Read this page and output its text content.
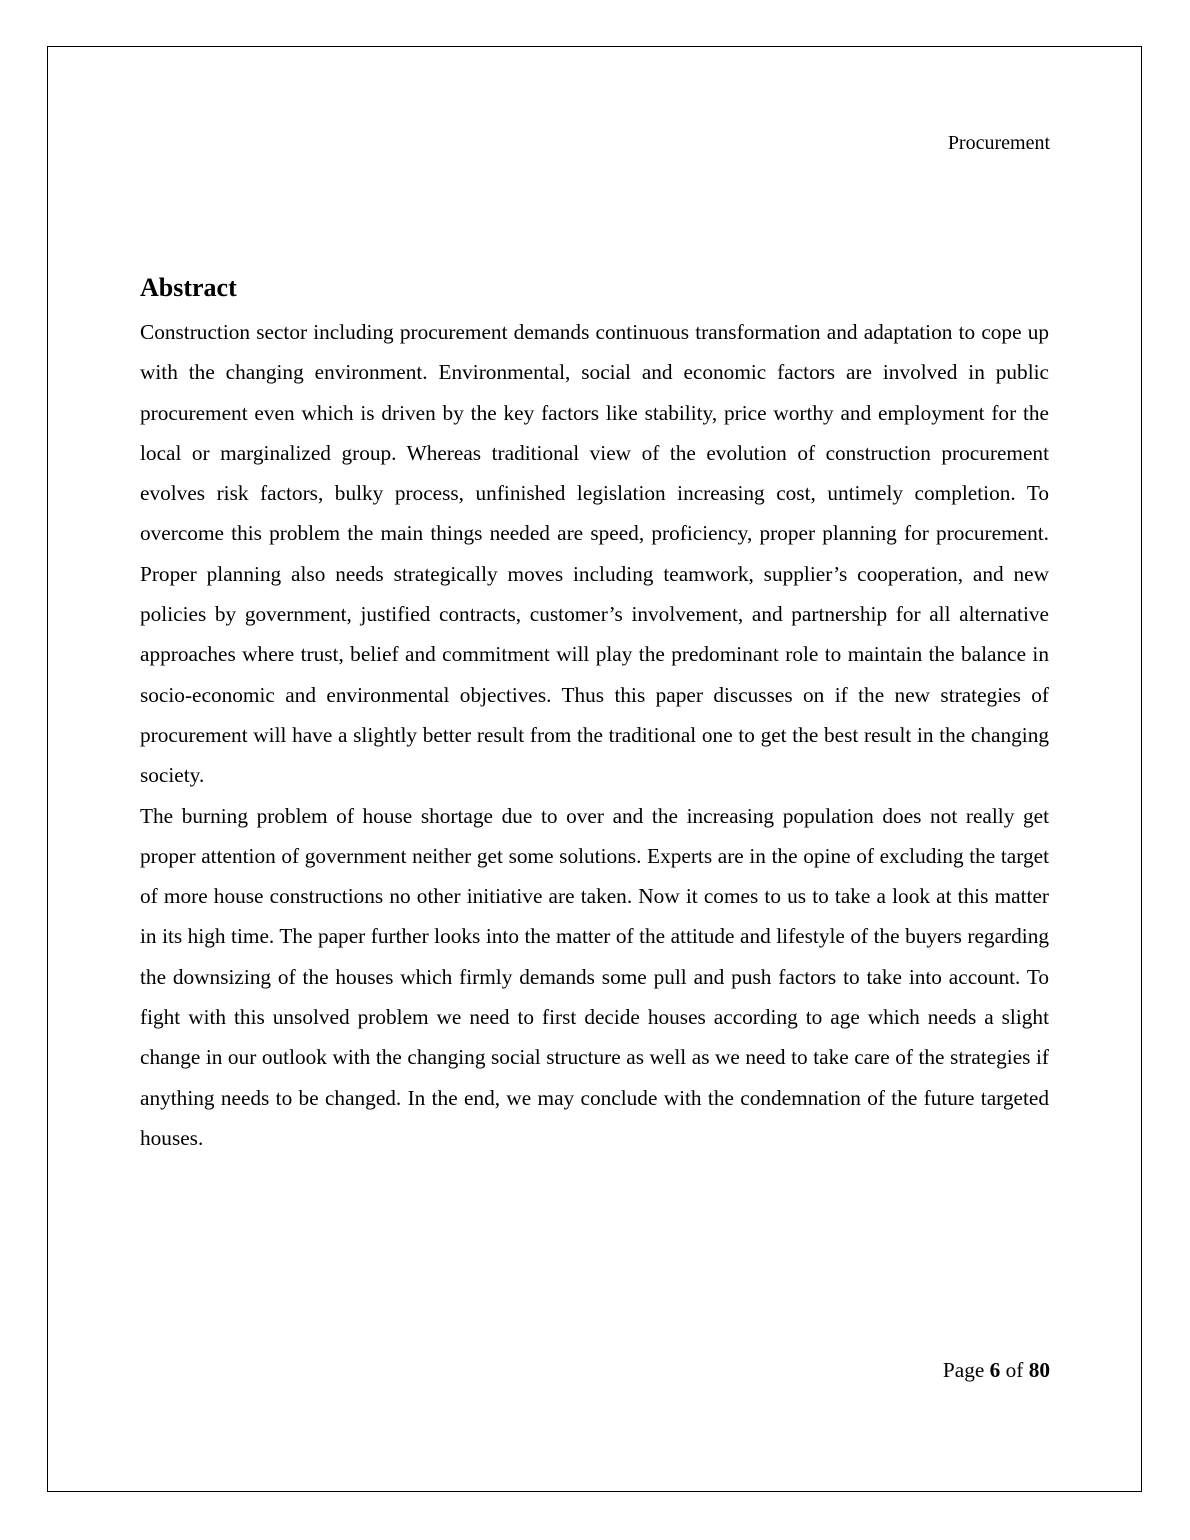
Procurement
Abstract

Construction sector including procurement demands continuous transformation and adaptation to cope up with the changing environment. Environmental, social and economic factors are involved in public procurement even which is driven by the key factors like stability, price worthy and employment for the local or marginalized group. Whereas traditional view of the evolution of construction procurement evolves risk factors, bulky process, unfinished legislation increasing cost, untimely completion. To overcome this problem the main things needed are speed, proficiency, proper planning for procurement. Proper planning also needs strategically moves including teamwork, supplier’s cooperation, and new policies by government, justified contracts, customer’s involvement, and partnership for all alternative approaches where trust, belief and commitment will play the predominant role to maintain the balance in socio-economic and environmental objectives. Thus this paper discusses on if the new strategies of procurement will have a slightly better result from the traditional one to get the best result in the changing society.

The burning problem of house shortage due to over and the increasing population does not really get proper attention of government neither get some solutions. Experts are in the opine of excluding the target of more house constructions no other initiative are taken. Now it comes to us to take a look at this matter in its high time. The paper further looks into the matter of the attitude and lifestyle of the buyers regarding the downsizing of the houses which firmly demands some pull and push factors to take into account. To fight with this unsolved problem we need to first decide houses according to age which needs a slight change in our outlook with the changing social structure as well as we need to take care of the strategies if anything needs to be changed. In the end, we may conclude with the condemnation of the future targeted houses.

Page 6 of 80
